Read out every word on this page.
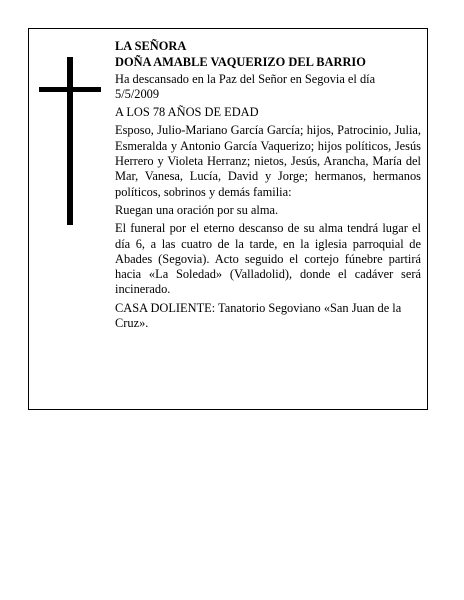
LA SEÑORA

DOÑA AMABLE VAQUERIZO DEL BARRIO

Ha descansado en la Paz del Señor en Segovia el día 5/5/2009

A LOS 78 AÑOS DE EDAD

Esposo, Julio-Mariano García García; hijos, Patrocinio, Julia, Esmeralda y Antonio García Vaquerizo; hijos políticos, Jesús Herrero y Violeta Herranz; nietos, Jesús, Arancha, María del Mar, Vanesa, Lucía, David y Jorge; hermanos, hermanos políticos, sobrinos y demás familia:

Ruegan una oración por su alma.

El funeral por el eterno descanso de su alma tendrá lugar el día 6, a las cuatro de la tarde, en la iglesia parroquial de Abades (Segovia). Acto seguido el cortejo fúnebre partirá hacia «La Soledad» (Valladolid), donde el cadáver será incinerado.

CASA DOLIENTE: Tanatorio Segoviano «San Juan de la Cruz».
